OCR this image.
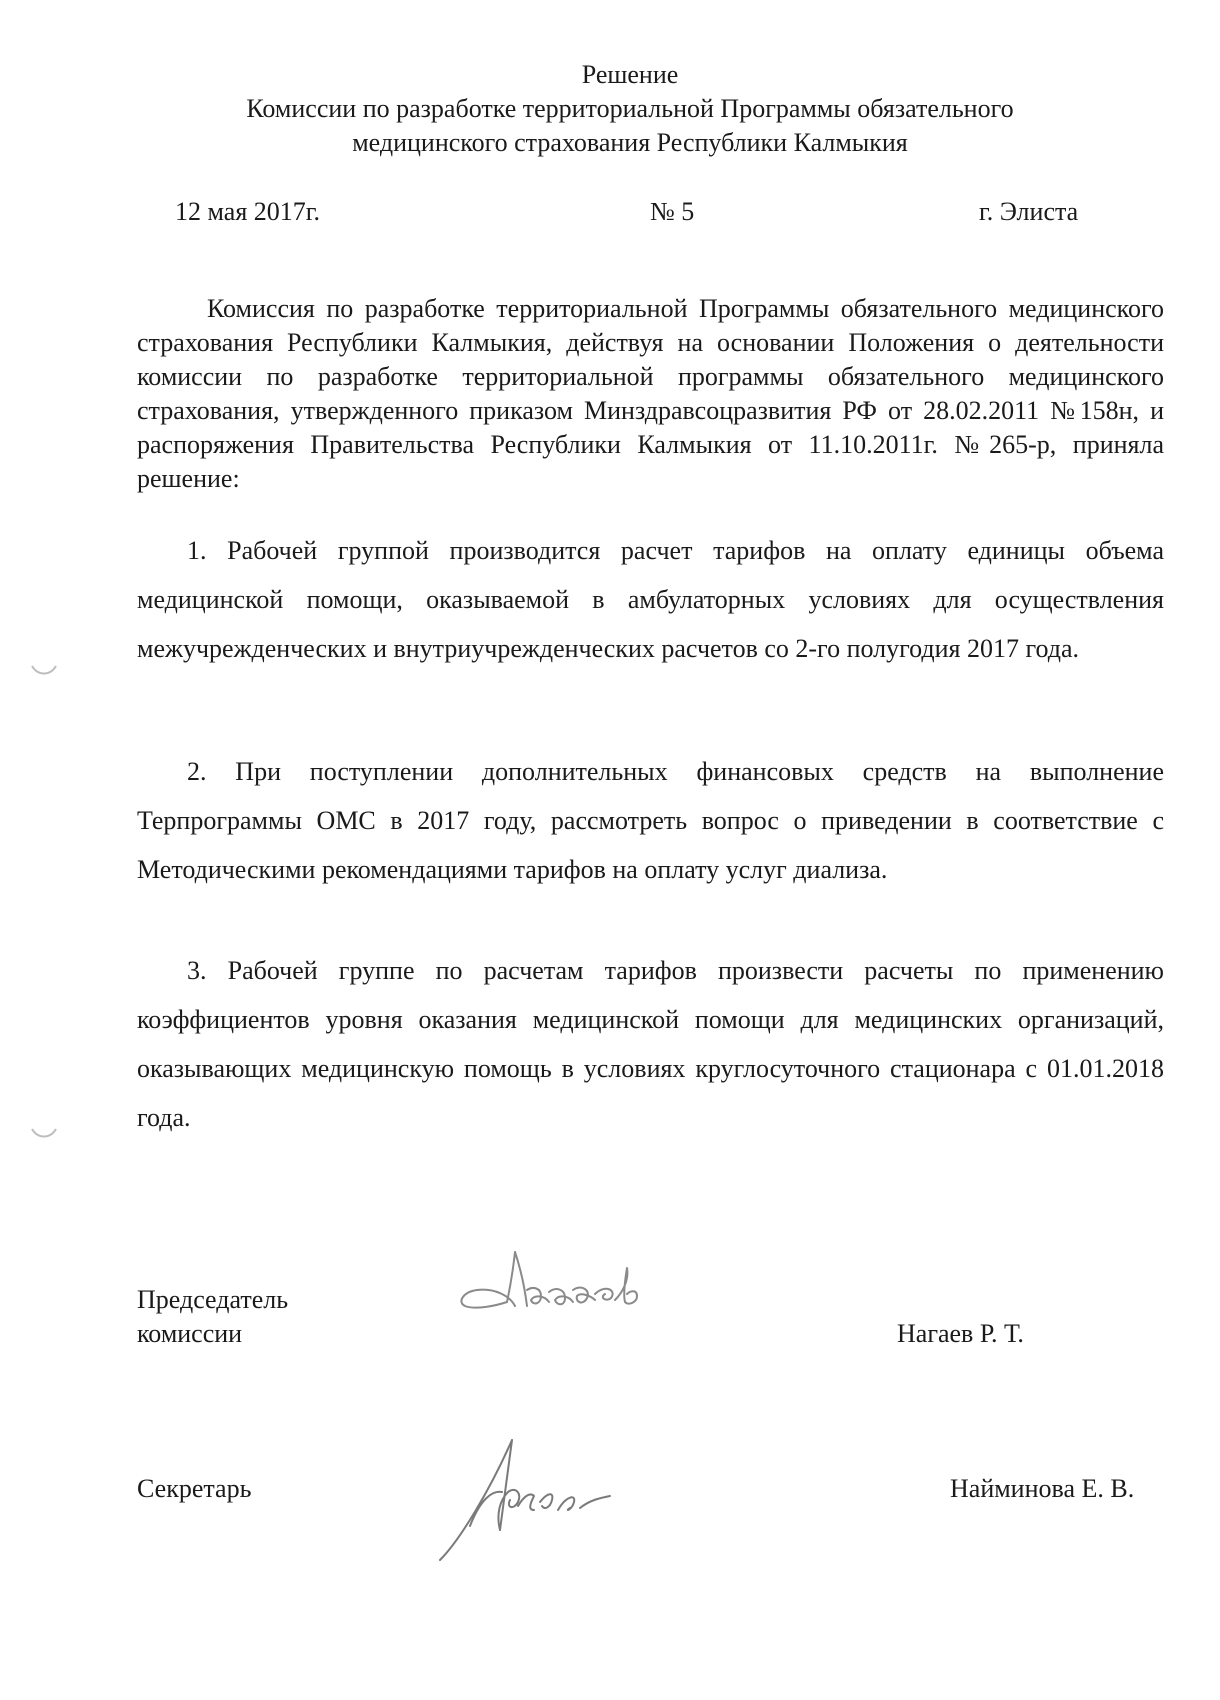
Решение
Комиссии по разработке территориальной Программы обязательного
медицинского страхования Республики Калмыкия
12 мая 2017г.	№ 5	г. Элиста

Комиссия по разработке территориальной Программы обязательного медицинского страхования Республики Калмыкия, действуя на основании Положения о деятельности комиссии по разработке территориальной программы обязательного медицинского страхования, утвержденного приказом Минздравсоцразвития РФ от 28.02.2011 №158н, и распоряжения Правительства Республики Калмыкия от 11.10.2011г. №265-р, приняла решение:

1. Рабочей группой производится расчет тарифов на оплату единицы объема медицинской помощи, оказываемой в амбулаторных условиях для осуществления межучрежденческих и внутриучрежденческих расчетов со 2-го полугодия 2017 года.

2. При поступлении дополнительных финансовых средств на выполнение Терпрограммы ОМС в 2017 году, рассмотреть вопрос о приведении в соответствие с Методическими рекомендациями тарифов на оплату услуг диализа.

3. Рабочей группе по расчетам тарифов произвести расчеты по применению коэффициентов уровня оказания медицинской помощи для медицинских организаций, оказывающих медицинскую помощь в условиях круглосуточного стационара с 01.01.2018 года.

Председатель комиссии	Нагаев Р. Т.
Секретарь	Найминова Е. В.
